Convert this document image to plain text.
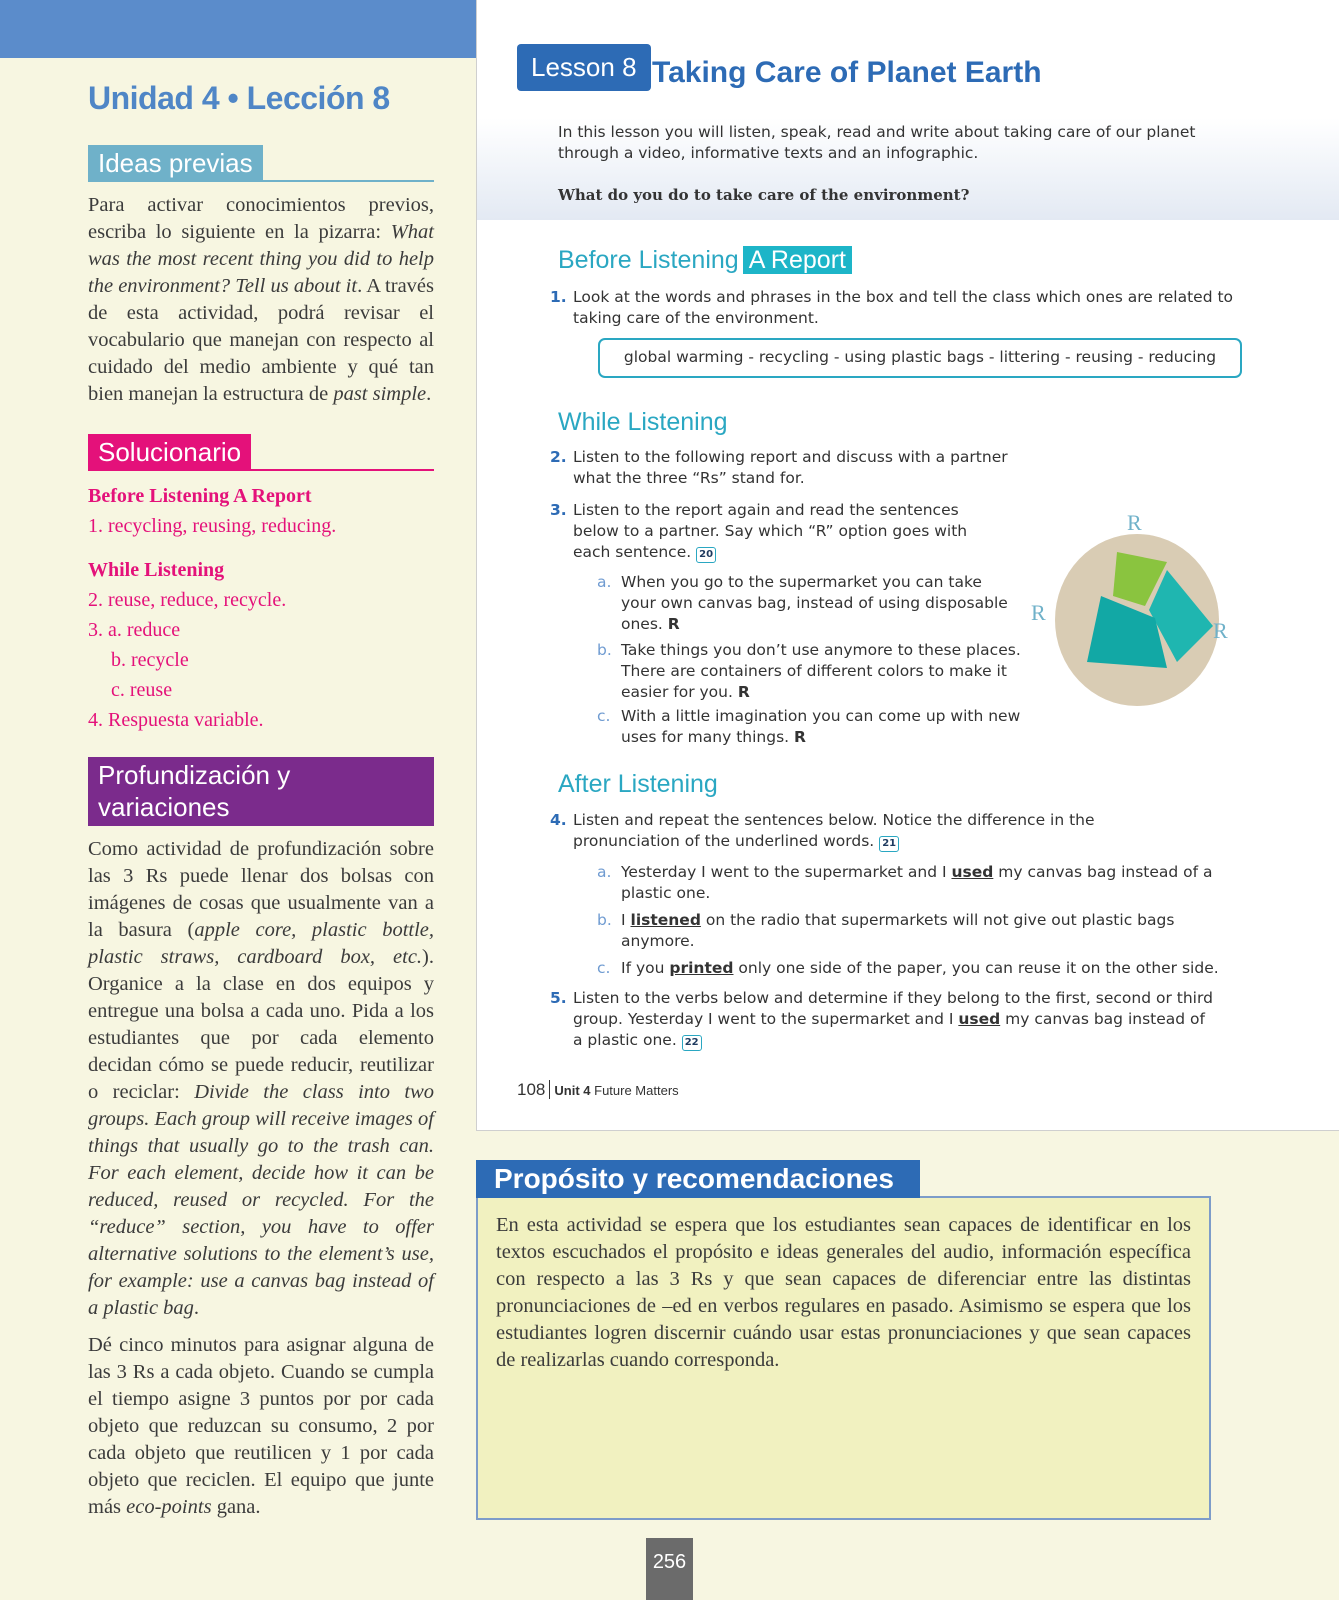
Unidad 4 • Lección 8
Ideas previas

Para activar conocimientos previos, escriba lo siguiente en la pizarra: What was the most recent thing you did to help the environment? Tell us about it. A través de esta actividad, podrá revisar el vocabulario que manejan con respecto al cuidado del medio ambiente y qué tan bien manejan la estructura de past simple.

Solucionario
Before Listening A Report
1. recycling, reusing, reducing.
While Listening
2. reuse, reduce, recycle.
3. a. reduce
b. recycle
c. reuse
4. Respuesta variable.
Profundización y variaciones

Como actividad de profundización sobre las 3 Rs puede llenar dos bolsas con imágenes de cosas que usualmente van a la basura (apple core, plastic bottle, plastic straws, cardboard box, etc.). Organice a la clase en dos equipos y entregue una bolsa a cada uno. Pida a los estudiantes que por cada elemento decidan cómo se puede reducir, reutilizar o reciclar: Divide the class into two groups. Each group will receive images of things that usually go to the trash can. For each element, decide how it can be reduced, reused or recycled. For the “reduce” section, you have to offer alternative solutions to the element’s use, for example: use a canvas bag instead of a plastic bag.

Dé cinco minutos para asignar alguna de las 3 Rs a cada objeto. Cuando se cumpla el tiempo asigne 3 puntos por por cada objeto que reduzcan su consumo, 2 por cada objeto que reutilicen y 1 por cada objeto que reciclen. El equipo que junte más eco-points gana.

Lesson 8 Taking Care of Planet Earth
In this lesson you will listen, speak, read and write about taking care of our planet through a video, informative texts and an infographic.
What do you do to take care of the environment?
Before Listening A Report
1. Look at the words and phrases in the box and tell the class which ones are related to taking care of the environment.
global warming - recycling - using plastic bags - littering - reusing - reducing
While Listening
2. Listen to the following report and discuss with a partner what the three “Rs” stand for.
3. Listen to the report again and read the sentences below to a partner. Say which “R” option goes with each sentence. 20
a. When you go to the supermarket you can take your own canvas bag, instead of using disposable ones. R
b. Take things you don’t use anymore to these places. There are containers of different colors to make it easier for you. R
c. With a little imagination you can come up with new uses for many things. R
R
R
R
After Listening
4. Listen and repeat the sentences below. Notice the difference in the pronunciation of the underlined words. 21
a. Yesterday I went to the supermarket and I used my canvas bag instead of a plastic one.
b. I listened on the radio that supermarkets will not give out plastic bags anymore.
c. If you printed only one side of the paper, you can reuse it on the other side.
5. Listen to the verbs below and determine if they belong to the first, second or third group. Yesterday I went to the supermarket and I used my canvas bag instead of a plastic one. 22
108 Unit 4 Future Matters

En esta actividad se espera que los estudiantes sean capaces de identificar en los textos escuchados el propósito e ideas generales del audio, información específica con respecto a las 3 Rs y que sean capaces de diferenciar entre las distintas pronunciaciones de –ed en verbos regulares en pasado. Asimismo se espera que los estudiantes logren discernir cuándo usar estas pronunciaciones y que sean capaces de realizarlas cuando corresponda.

Propósito y recomendaciones
256
